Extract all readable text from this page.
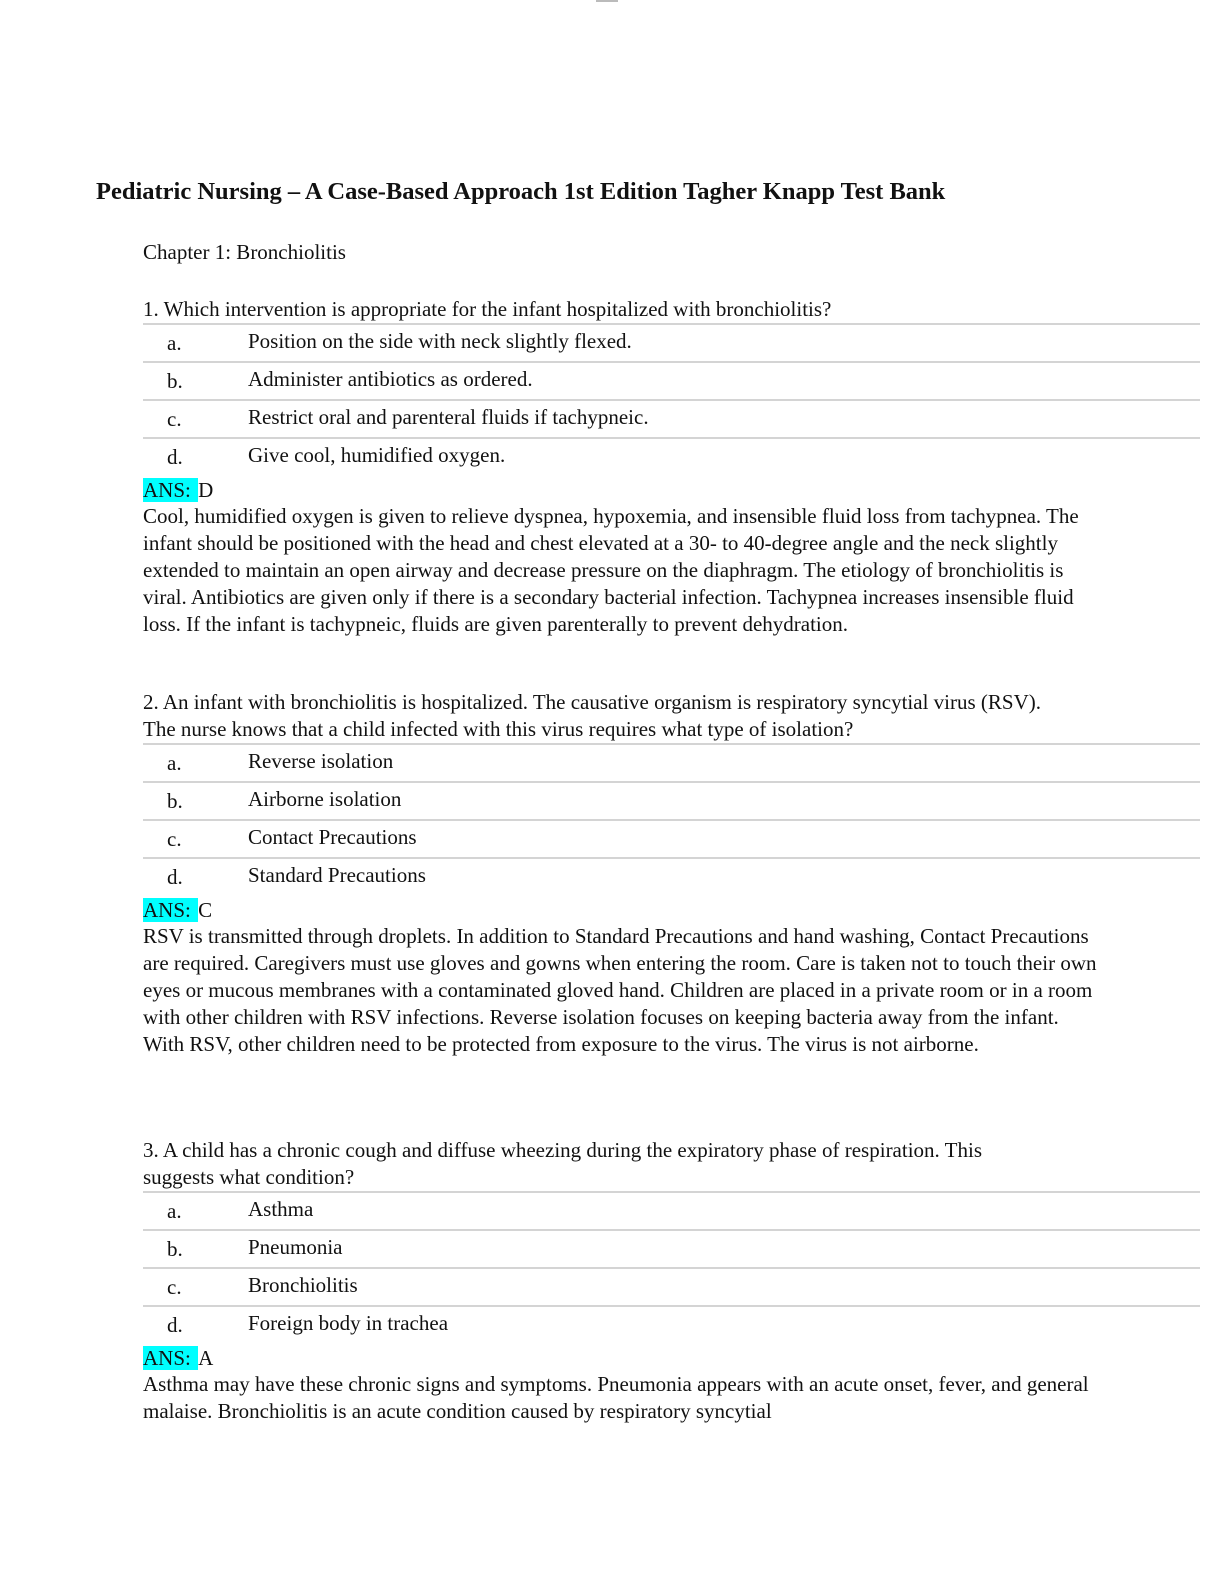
Pediatric Nursing – A Case-Based Approach 1st Edition Tagher Knapp Test Bank
Chapter 1: Bronchiolitis
1. Which intervention is appropriate for the infant hospitalized with bronchiolitis?
a.	Position on the side with neck slightly flexed.
b.	Administer antibiotics as ordered.
c.	Restrict oral and parenteral fluids if tachypneic.
d.	Give cool, humidified oxygen.
ANS: D
Cool, humidified oxygen is given to relieve dyspnea, hypoxemia, and insensible fluid loss from tachypnea. The infant should be positioned with the head and chest elevated at a 30- to 40-degree angle and the neck slightly extended to maintain an open airway and decrease pressure on the diaphragm. The etiology of bronchiolitis is viral. Antibiotics are given only if there is a secondary bacterial infection. Tachypnea increases insensible fluid loss. If the infant is tachypneic, fluids are given parenterally to prevent dehydration.
2. An infant with bronchiolitis is hospitalized. The causative organism is respiratory syncytial virus (RSV). The nurse knows that a child infected with this virus requires what type of isolation?
a.	Reverse isolation
b.	Airborne isolation
c.	Contact Precautions
d.	Standard Precautions
ANS: C
RSV is transmitted through droplets. In addition to Standard Precautions and hand washing, Contact Precautions are required. Caregivers must use gloves and gowns when entering the room. Care is taken not to touch their own eyes or mucous membranes with a contaminated gloved hand. Children are placed in a private room or in a room with other children with RSV infections. Reverse isolation focuses on keeping bacteria away from the infant. With RSV, other children need to be protected from exposure to the virus. The virus is not airborne.
3. A child has a chronic cough and diffuse wheezing during the expiratory phase of respiration. This suggests what condition?
a.	Asthma
b.	Pneumonia
c.	Bronchiolitis
d.	Foreign body in trachea
ANS: A
Asthma may have these chronic signs and symptoms. Pneumonia appears with an acute onset, fever, and general malaise. Bronchiolitis is an acute condition caused by respiratory syncytial
